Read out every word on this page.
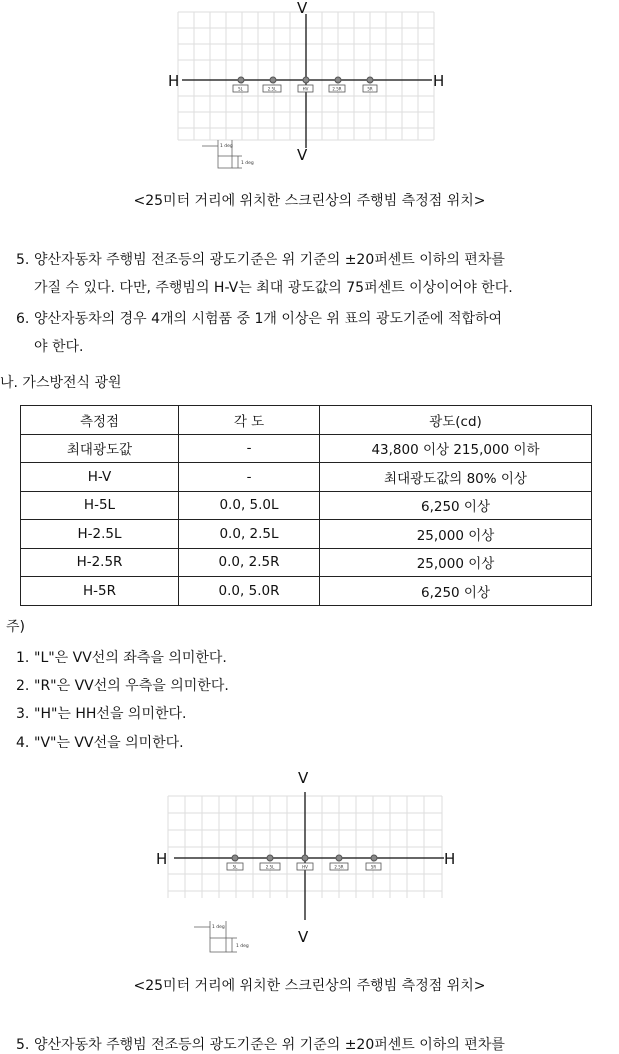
5L	2.5L	HV	2.5R	5R
1 deg
1 deg
V
H	H
V
<25미터 거리에 위치한 스크린상의 주행빔 측정점 위치>
5. 양산자동차 주행빔 전조등의 광도기준은 위 기준의 ±20퍼센트 이하의 편차를
가질 수 있다. 다만, 주행빔의 H-V는 최대 광도값의 75퍼센트 이상이어야 한다.
6. 양산자동차의 경우 4개의 시험품 중 1개 이상은 위 표의 광도기준에 적합하여
야 한다.
나. 가스방전식 광원
측정점	각 도	광도(cd)
최대광도값	-	43,800 이상 215,000 이하
H-V	-	최대광도값의 80% 이상
H-5L	0.0, 5.0L	6,250 이상
H-2.5L	0.0, 2.5L	25,000 이상
H-2.5R	0.0, 2.5R	25,000 이상
H-5R	0.0, 5.0R	6,250 이상
주)
1. "L"은 VV선의 좌측을 의미한다.
2. "R"은 VV선의 우측을 의미한다.
3. "H"는 HH선을 의미한다.
4. "V"는 VV선을 의미한다.
5L	2.5L	HV	2.5R	5R
1 deg
1 deg
V
H	H
V
<25미터 거리에 위치한 스크린상의 주행빔 측정점 위치>
5. 양산자동차 주행빔 전조등의 광도기준은 위 기준의 ±20퍼센트 이하의 편차를
